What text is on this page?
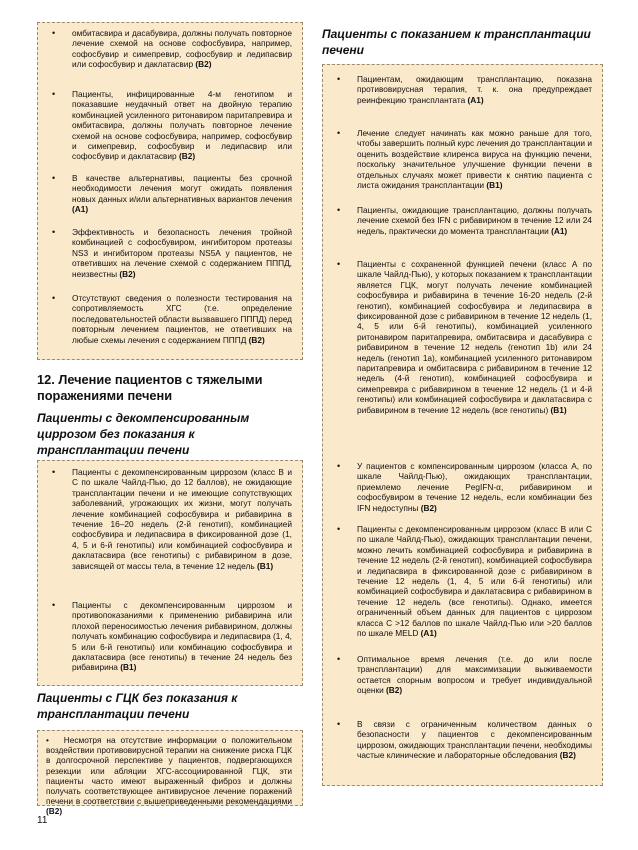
• омбитасвира и дасабувира, должны получать повторное лечение схемой на основе софосбувира, например, софосбувир и симепревир, софосбувир и ледипасвир или софосбувир и даклатасвир (B2)
• Пациенты, инфицированные 4-м генотипом и показавшие неудачный ответ на двойную терапию комбинацией усиленного ритонавиром паритапревира и омбитасвира, должны получать повторное лечение схемой на основе софосбувира, например, софосбувир и симепревир, софосбувир и ледипасвир или софосбувир и даклатасвир (B2)
• В качестве альтернативы, пациенты без срочной необходимости лечения могут ожидать появления новых данных и/или альтернативных вариантов лечения (A1)
• Эффективность и безопасность лечения тройной комбинацией с софосбувиром, ингибитором протеазы NS3 и ингибитором протеазы NS5A у пациентов, не ответивших на лечение схемой с содержанием ПППД, неизвестны (B2)
• Отсутствуют сведения о полезности тестирования на сопротивляемость ХГС (т.е. определение последовательностей области вызвавшего ПППД) перед повторным лечением пациентов, не ответивших на любые схемы лечения с содержанием ПППД (B2)
12. Лечение пациентов с тяжелыми поражениями печени
Пациенты с декомпенсированным циррозом без показания к трансплантации печени
• Пациенты с декомпенсированным циррозом (класс B и C по шкале Чайлд-Пью, до 12 баллов), не ожидающие трансплантации печени и не имеющие сопутствующих заболеваний, угрожающих их жизни, могут получать лечение комбинацией софосбувира и рибавирина в течение 16–20 недель (2-й генотип), комбинацией софосбувира и ледипасвира в фиксированной дозе (1, 4, 5 и 6-й генотипы) или комбинацией софосбувира и даклатасвира (все генотипы) с рибавирином в дозе, зависящей от массы тела, в течение 12 недель (B1)
• Пациенты с декомпенсированным циррозом и противопоказаниями к применению рибавирина или плохой переносимостью лечения рибавирином, должны получать комбинацию софосбувира и ледипасвира (1, 4, 5 или 6-й генотипы) или комбинацию софосбувира и даклатасвира (все генотипы) в течение 24 недель без рибавирина (B1)
Пациенты с ГЦК без показания к трансплантации печени
• Несмотря на отсутствие информации о положительном воздействии противовирусной терапии на снижение риска ГЦК в долгосрочной перспективе у пациентов, подвергающихся резекции или абляции ХГС-ассоциированной ГЦК, эти пациенты часто имеют выраженный фиброз и должны получать соответствующее антивирусное лечение поражений печени в соответствии с вышеприведенными рекомендациями (B2)
11
Пациенты с показанием к трансплантации печени
• Пациентам, ожидающим трансплантацию, показана противовирусная терапия, т. к. она предупреждает реинфекцию трансплантата (A1)
• Лечение следует начинать как можно раньше для того, чтобы завершить полный курс лечения до трансплантации и оценить воздействие клиренса вируса на функцию печени, поскольку значительное улучшение функции печени в отдельных случаях может привести к снятию пациента с листа ожидания трансплантации (B1)
• Пациенты, ожидающие трансплантацию, должны получать лечение схемой без IFN с рибавирином в течение 12 или 24 недель, практически до момента трансплантации (A1)
• Пациенты с сохраненной функцией печени (класс А по шкале Чайлд-Пью), у которых показанием к трансплантации является ГЦК, могут получать лечение комбинацией софосбувира и рибавирина в течение 16-20 недель (2-й генотип), комбинацией софосбувира и ледипасвира в фиксированной дозе с рибавирином в течение 12 недель (1, 4, 5 или 6-й генотипы), комбинацией усиленного ритонавиром паритапревира, омбитасвира и дасабувира с рибавирином в течение 12 недель (генотип 1b) или 24 недель (генотип 1a), комбинацией усиленного ритонавиром паритапревира и омбитасвира с рибавирином в течение 12 недель (4-й генотип), комбинацией софосбувира и симепревира с рибавирином в течение 12 недель (1 и 4-й генотипы) или комбинацией софосбувира и даклатасвира с рибавирином в течение 12 недель (все генотипы) (B1)
• У пациентов с компенсированным циррозом (класса А, по шкале Чайлд-Пью), ожидающих трансплантации, приемлемо лечение PegIFN-α, рибавирином и софосбувиром в течение 12 недель, если комбинации без IFN недоступны (B2)
• Пациенты с декомпенсированным циррозом (класс B или C по шкале Чайлд-Пью), ожидающих трансплантации печени, можно лечить комбинацией софосбувира и рибавирина в течение 12 недель (2-й генотип), комбинацией софосбувира и ледипасвира в фиксированной дозе с рибавирином в течение 12 недель (1, 4, 5 или 6-й генотипы) или комбинацией софосбувира и даклатасвира с рибавирином в течение 12 недель (все генотипы). Однако, имеется ограниченный объем данных для пациентов с циррозом класса С >12 баллов по шкале Чайлд-Пью или >20 баллов по шкале MELD (A1)
• Оптимальное время лечения (т.е. до или после трансплантации) для максимизации выживаемости остается спорным вопросом и требует индивидуальной оценки (B2)
• В связи с ограниченным количеством данных о безопасности у пациентов с декомпенсированным циррозом, ожидающих трансплантации печени, необходимы частые клинические и лабораторные обследования (B2)
